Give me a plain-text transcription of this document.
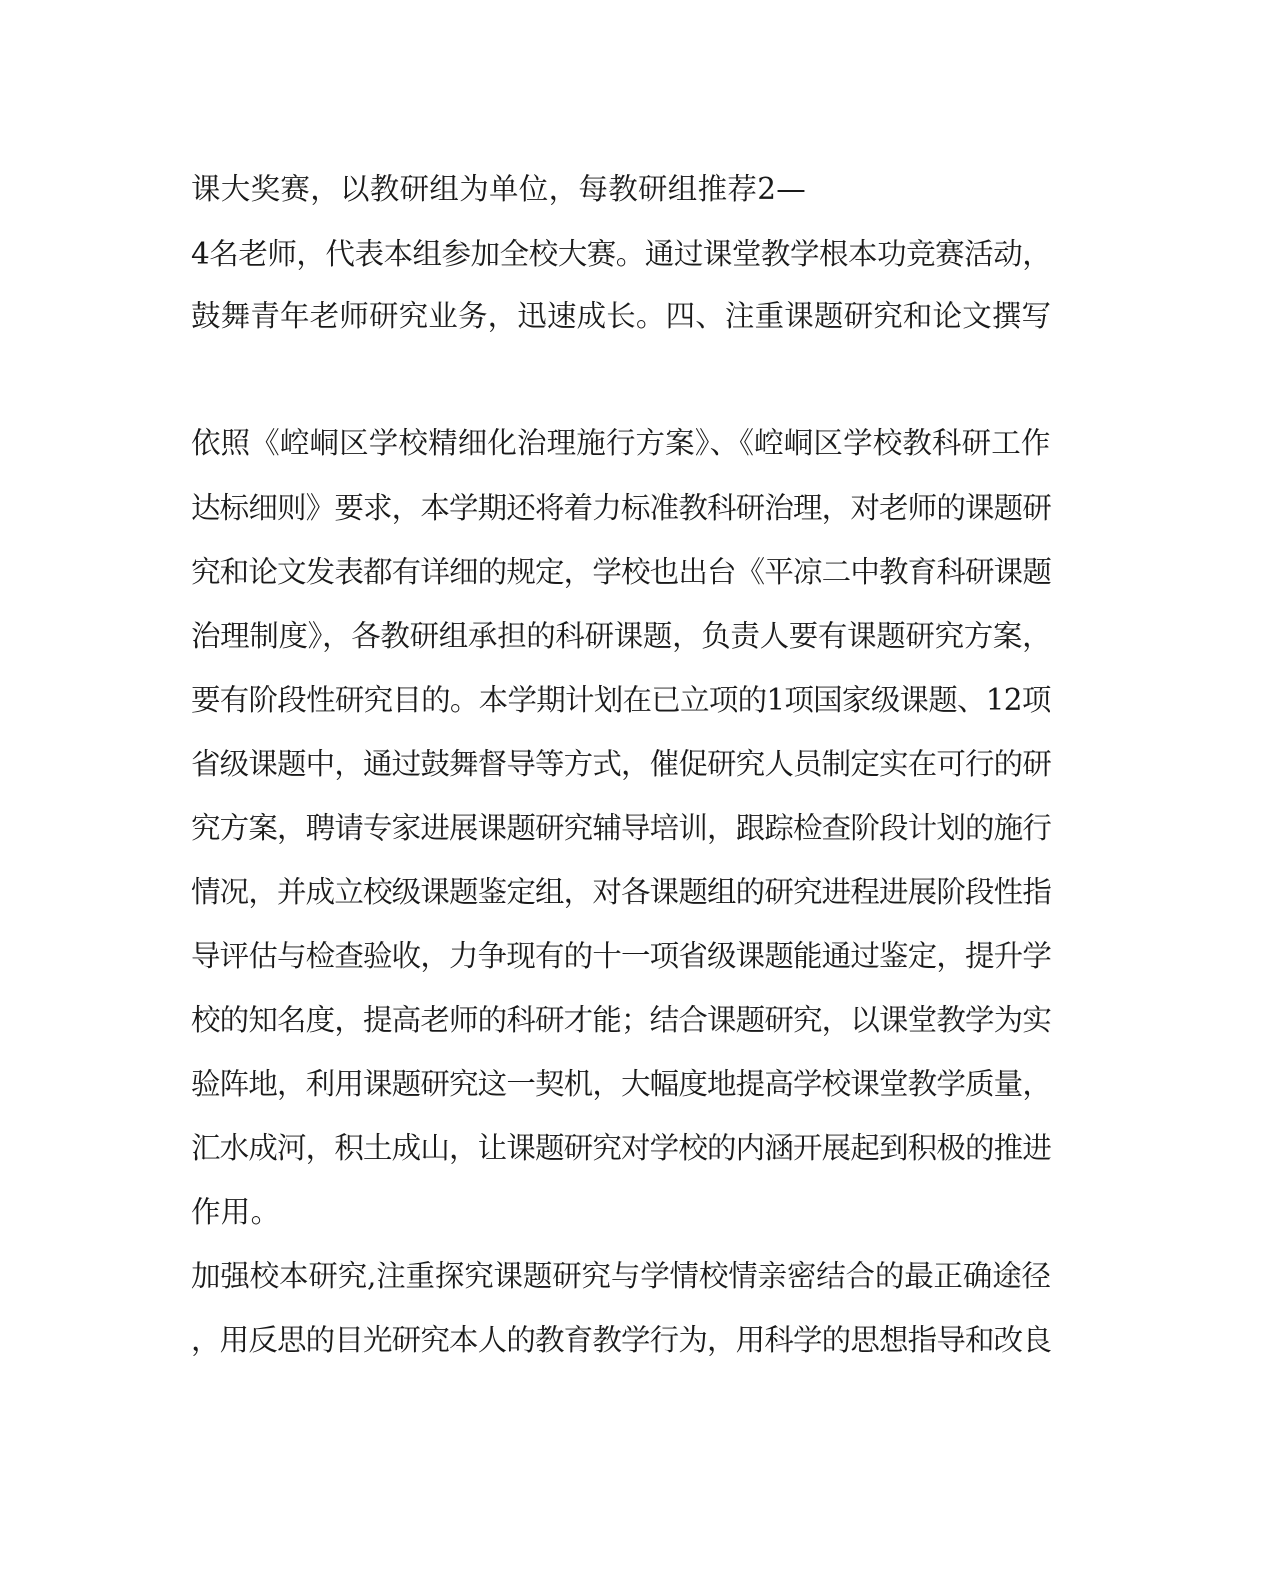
课大奖赛，以教研组为单位，每教研组推荐2—
4名老师，代表本组参加全校大赛。通过课堂教学根本功竞赛活动，
鼓舞青年老师研究业务，迅速成长。四、注重课题研究和论文撰写
依照《崆峒区学校精细化治理施行方案》、《崆峒区学校教科研工作
达标细则》要求，本学期还将着力标准教科研治理，对老师的课题研
究和论文发表都有详细的规定，学校也出台《平凉二中教育科研课题
治理制度》，各教研组承担的科研课题，负责人要有课题研究方案，
要有阶段性研究目的。本学期计划在已立项的1项国家级课题、12项
省级课题中，通过鼓舞督导等方式，催促研究人员制定实在可行的研
究方案，聘请专家进展课题研究辅导培训，跟踪检查阶段计划的施行
情况，并成立校级课题鉴定组，对各课题组的研究进程进展阶段性指
导评估与检查验收，力争现有的十一项省级课题能通过鉴定，提升学
校的知名度，提高老师的科研才能；结合课题研究，以课堂教学为实
验阵地，利用课题研究这一契机，大幅度地提高学校课堂教学质量，
汇水成河，积土成山，让课题研究对学校的内涵开展起到积极的推进
作用。
加强校本研究,注重探究课题研究与学情校情亲密结合的最正确途径
，用反思的目光研究本人的教育教学行为，用科学的思想指导和改良
